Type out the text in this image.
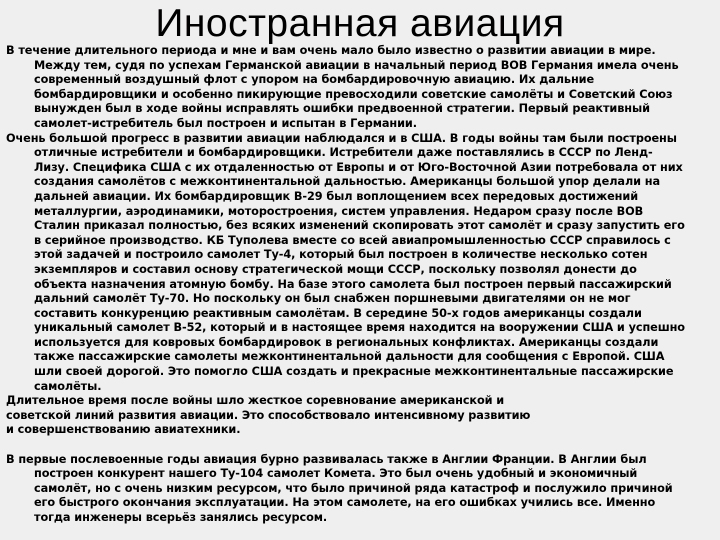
Иностранная авиация

В течение длительного периода и мне и вам очень мало было известно о развитии авиации в мире. Между тем, судя по успехам Германской авиации в начальный период ВОВ Германия имела очень современный воздушный флот с упором на бомбардировочную авиацию. Их дальние бомбардировщики и особенно пикирующие превосходили советские самолёты и Советский Союз вынужден был в ходе войны исправлять ошибки предвоенной стратегии. Первый реактивный самолет-истребитель был построен и испытан в Германии.

Очень большой прогресс в развитии авиации наблюдался и в США. В годы войны там были построены отличные истребители и бомбардировщики. Истребители даже поставлялись в СССР по Ленд-Лизу. Специфика США с их отдаленностью от Европы и от Юго-Восточной Азии потребовала от них создания самолётов с межконтинентальной дальностью. Американцы большой упор делали на дальней авиации. Их бомбардировщик В-29 был воплощением всех передовых достижений металлургии, аэродинамики, моторостроения, систем управления. Недаром сразу после ВОВ Сталин приказал полностью, без всяких изменений скопировать этот самолёт и сразу запустить его в серийное производство. КБ Туполева вместе со всей авиапромышленностью СССР справилось с этой задачей и построило самолет Ту-4, который был построен в количестве несколько сотен экземпляров и составил основу стратегической мощи СССР, поскольку позволял донести до объекта назначения атомную бомбу. На базе этого самолета был построен первый пассажирский дальний самолёт Ту-70. Но поскольку он был снабжен поршневыми двигателями он не мог составить конкуренцию реактивным самолётам. В середине 50-х годов американцы создали уникальный самолет В-52, который и в настоящее время находится на вооружении США и успешно используется для ковровых бомбардировок в региональных конфликтах. Американцы создали также пассажирские самолеты межконтинентальной дальности для сообщения с Европой. США шли своей дорогой. Это помогло США создать и прекрасные межконтинентальные пассажирские самолёты.

Длительное время после войны шло жесткое соревнование американской и

советской линий развития авиации. Это способствовало интенсивному развитию

и совершенствованию авиатехники.

В первые послевоенные годы авиация бурно развивалась также в Англии Франции. В Англии был построен конкурент нашего Ту-104 самолет Комета. Это был очень удобный и экономичный самолёт, но с очень низким ресурсом, что было причиной ряда катастроф и послужило причиной его быстрого окончания эксплуатации. На этом самолете, на его ошибках учились все. Именно тогда инженеры всерьёз занялись ресурсом.
